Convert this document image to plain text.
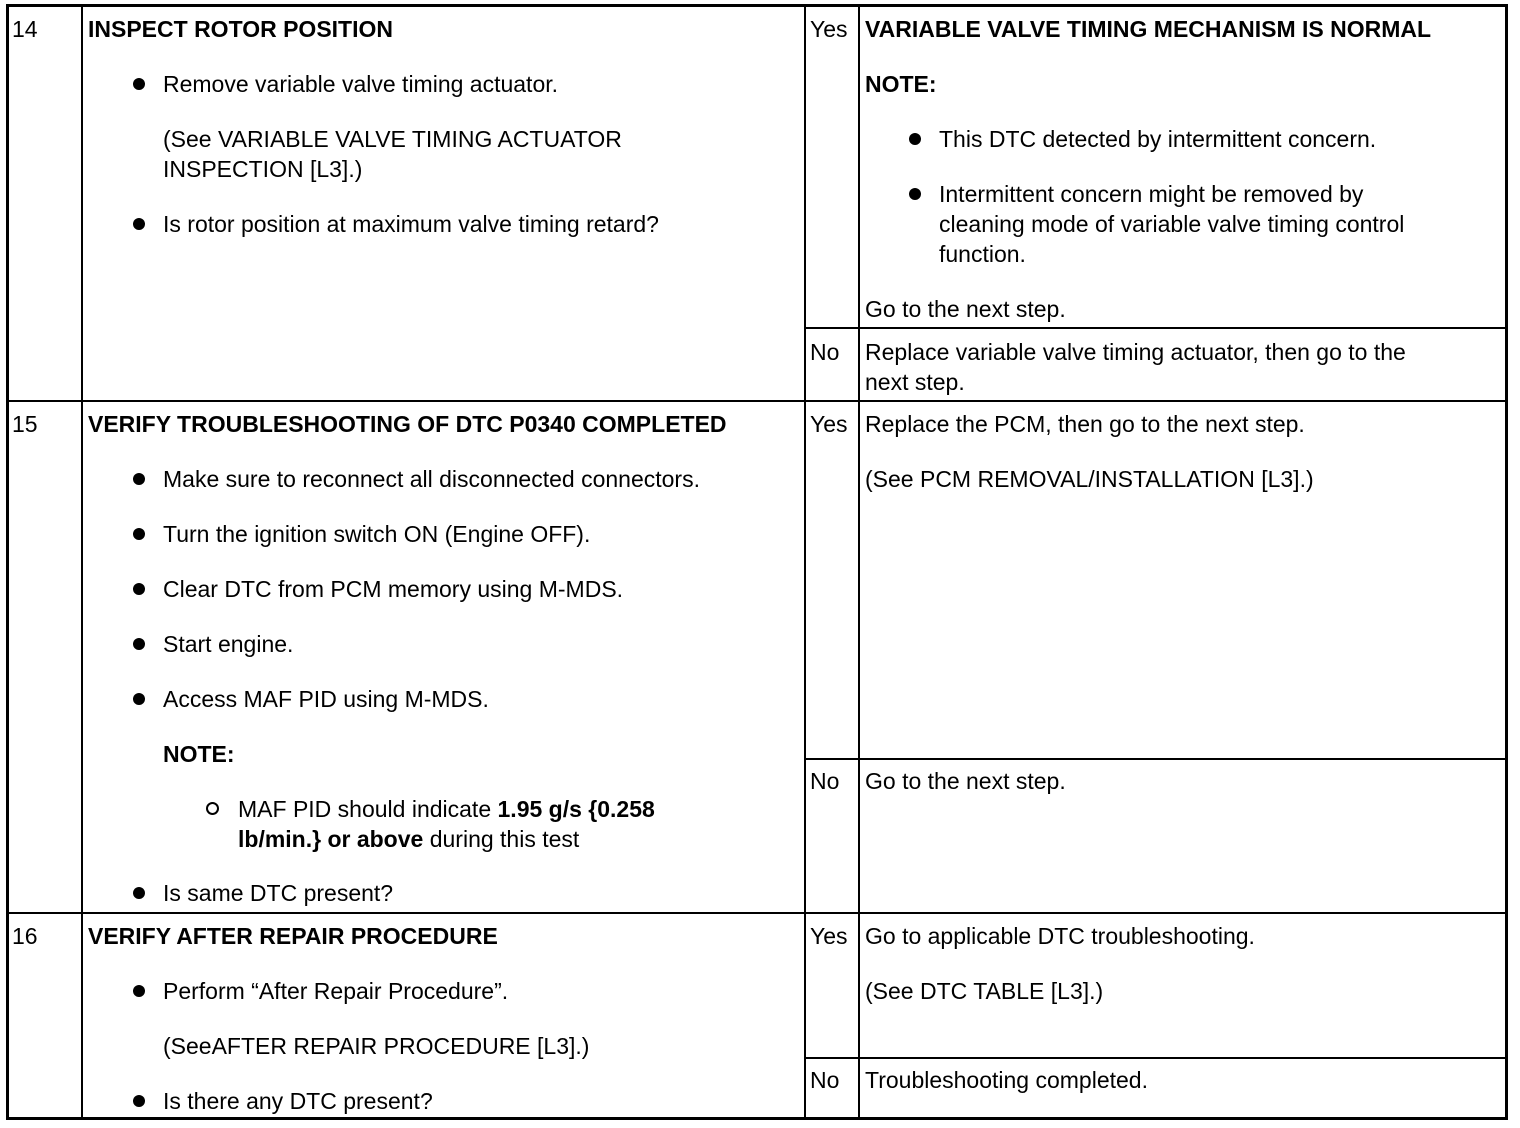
14 INSPECT ROTOR POSITION
Remove variable valve timing actuator.
(See VARIABLE VALVE TIMING ACTUATOR
INSPECTION [L3].)
Is rotor position at maximum valve timing retard?
Yes VARIABLE VALVE TIMING MECHANISM IS NORMAL
NOTE:
This DTC detected by intermittent concern.
Intermittent concern might be removed by
cleaning mode of variable valve timing control
function.
Go to the next step.
No Replace variable valve timing actuator, then go to the
next step.
15 VERIFY TROUBLESHOOTING OF DTC P0340 COMPLETED
Make sure to reconnect all disconnected connectors.
Turn the ignition switch ON (Engine OFF).
Clear DTC from PCM memory using M-MDS.
Start engine.
Access MAF PID using M-MDS.
NOTE:
MAF PID should indicate 1.95 g/s {0.258
lb/min.} or above during this test
Is same DTC present?
Yes Replace the PCM, then go to the next step.
(See PCM REMOVAL/INSTALLATION [L3].)
No Go to the next step.
16 VERIFY AFTER REPAIR PROCEDURE
Perform “After Repair Procedure”.
(SeeAFTER REPAIR PROCEDURE [L3].)
Is there any DTC present?
Yes Go to applicable DTC troubleshooting.
(See DTC TABLE [L3].)
No Troubleshooting completed.
